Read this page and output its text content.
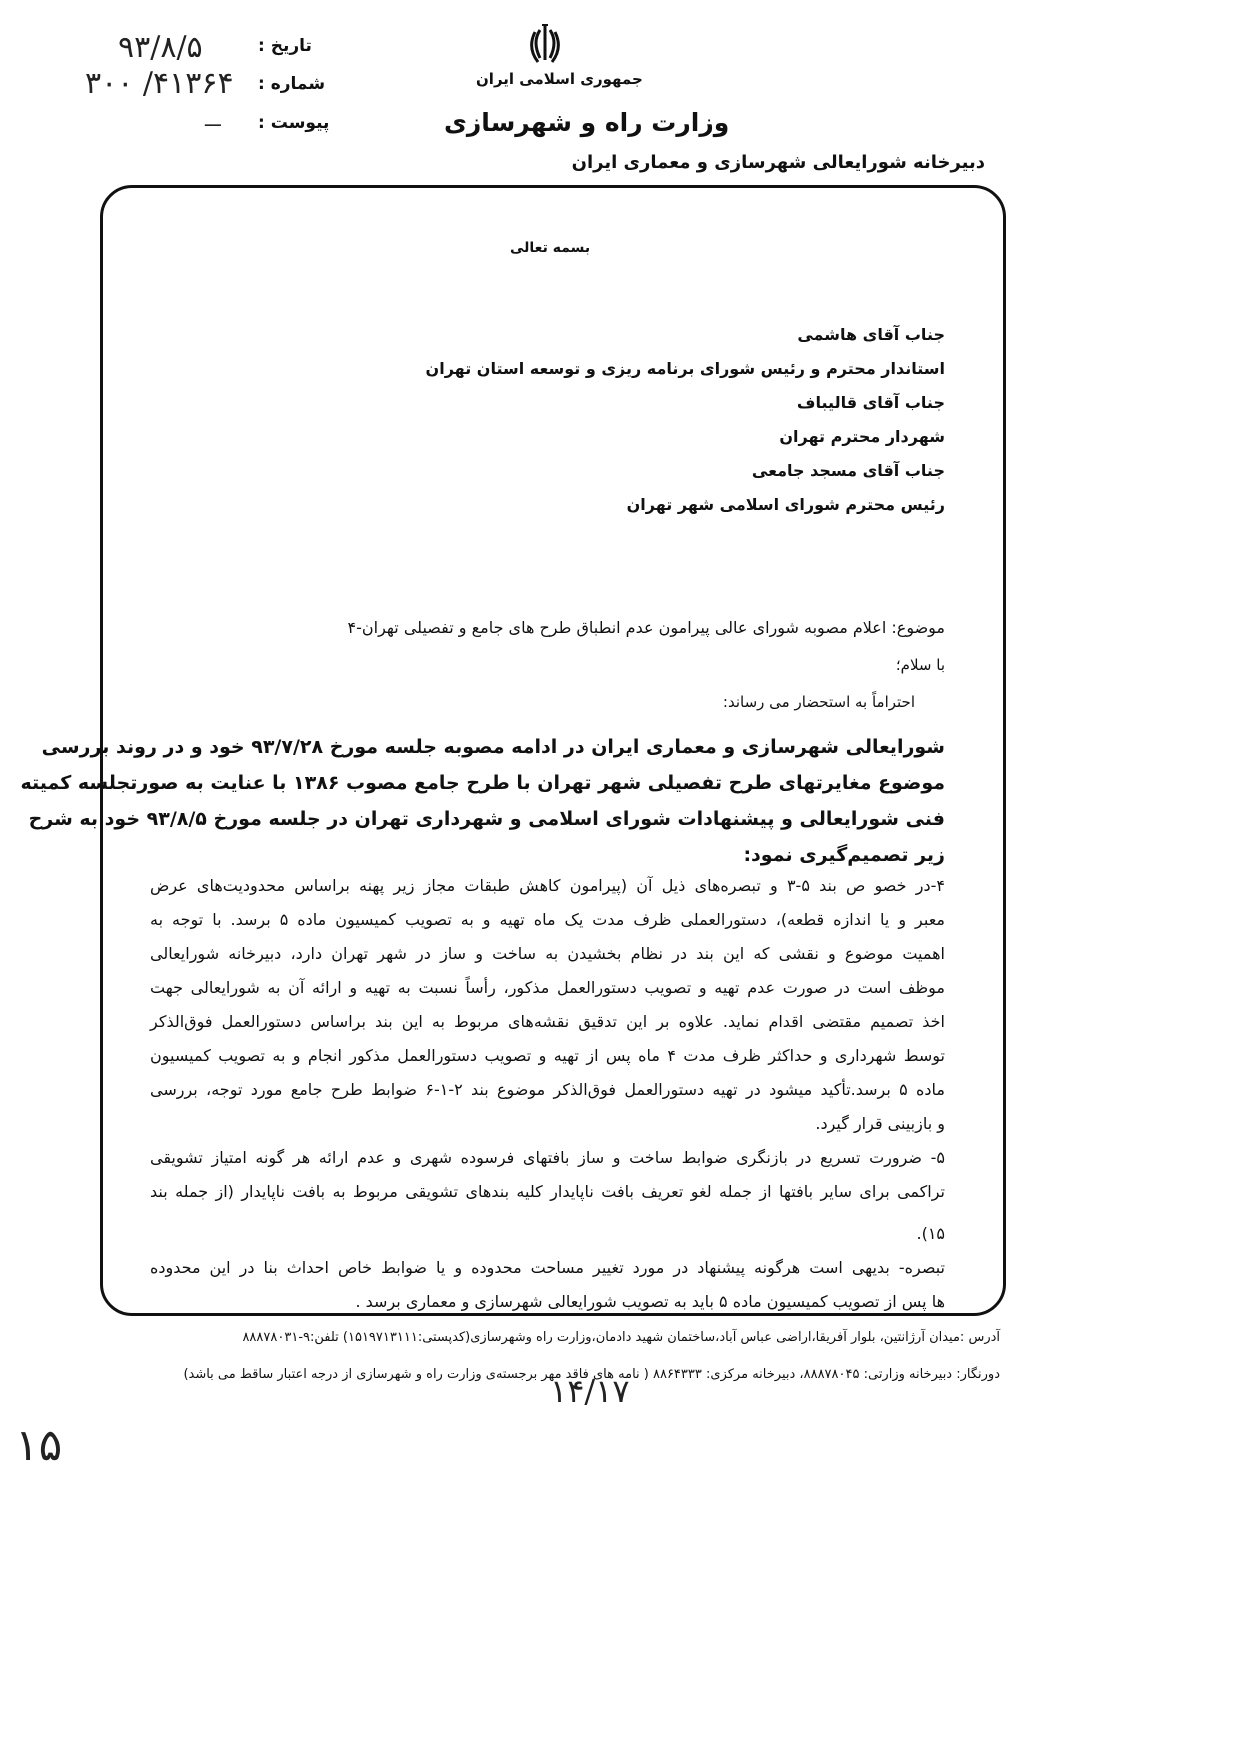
تاریخ :
۹۳/۸/۵
شماره :
۴۱۳۶۴/ ۳۰۰
پیوست :
ـــ
جمهوری اسلامی ایران
وزارت راه و شهرسازی
دبیرخانه شورایعالی شهرسازی و معماری ایران
بسمه تعالی
جناب آقای هاشمی
استاندار محترم و رئیس شورای برنامه ریزی و توسعه استان تهران
جناب آقای قالیباف
شهردار محترم تهران
جناب آقای مسجد جامعی
رئیس محترم شورای اسلامی شهر تهران
موضوع: اعلام مصوبه شورای عالی پیرامون عدم انطباق طرح های جامع و تفصیلی تهران-۴
با سلام؛
احتراماً به استحضار می رساند:
شورایعالی شهرسازی و معماری ایران در ادامه مصوبه جلسه مورخ ۹۳/۷/۲۸ خود و در روند بررسی
موضوع مغایرتهای طرح تفصیلی شهر تهران با طرح جامع مصوب ۱۳۸۶ با عنایت به صورتجلسه کمیته
فنی شورایعالی و پیشنهادات شورای اسلامی و شهرداری تهران در جلسه مورخ ۹۳/۸/۵ خود به شرح
زیر تصمیم‌گیری نمود:
۴-در خصو ص بند ۵-۳ و تبصره‌های ذیل آن (پیرامون کاهش طبقات مجاز زیر پهنه براساس محدودیت‌های عرض
معبر و یا اندازه قطعه)، دستورالعملی ظرف مدت یک ماه تهیه و به تصویب کمیسیون ماده ۵ برسد. با توجه به
اهمیت موضوع و نقشی که این بند در نظام بخشیدن به ساخت و ساز در شهر تهران دارد، دبیرخانه شورایعالی
موظف است در صورت عدم تهیه و تصویب دستورالعمل مذکور، رأساً نسبت به تهیه و ارائه آن به شورایعالی جهت
اخذ تصمیم مقتضی اقدام نماید. علاوه بر این تدقیق نقشه‌های مربوط به این بند براساس دستورالعمل فوق‌الذکر
توسط شهرداری و حداکثر ظرف مدت ۴ ماه پس از تهیه و تصویب دستورالعمل مذکور انجام و به تصویب کمیسیون
ماده ۵ برسد.تأکید میشود در تهیه دستورالعمل فوق‌الذکر موضوع بند ۲-۱-۶ ضوابط طرح جامع مورد توجه، بررسی
و بازبینی قرار گیرد.
۵- ضرورت تسریع در بازنگری ضوابط ساخت و ساز بافتهای فرسوده شهری و عدم ارائه هر گونه امتیاز تشویقی
تراکمی برای سایر بافتها از جمله لغو تعریف بافت ناپایدار کلیه بندهای تشویقی مربوط به بافت ناپایدار (از جمله بند
۱۵).
تبصره- بدیهی است هرگونه پیشنهاد در مورد تغییر مساحت محدوده و یا ضوابط خاص احداث بنا در این محدوده
ها پس از تصویب کمیسیون ماده ۵ باید به تصویب شورایعالی شهرسازی و معماری برسد .
آدرس :میدان آرژانتین، بلوار آفریقا،اراضی عباس آباد،ساختمان شهید دادمان،وزارت راه وشهرسازی(کدپستی:۱۵۱۹۷۱۳۱۱۱) تلفن:۹-۸۸۸۷۸۰۳۱
دورنگار: دبیرخانه وزارتی: ۸۸۸۷۸۰۴۵، دبیرخانه مرکزی: ۸۸۶۴۳۳۳ ( نامه های فاقد مهر برجسته‌ی وزارت راه و شهرسازی از درجه اعتبار ساقط می باشد)
۱۴/۱۷
۱۵
